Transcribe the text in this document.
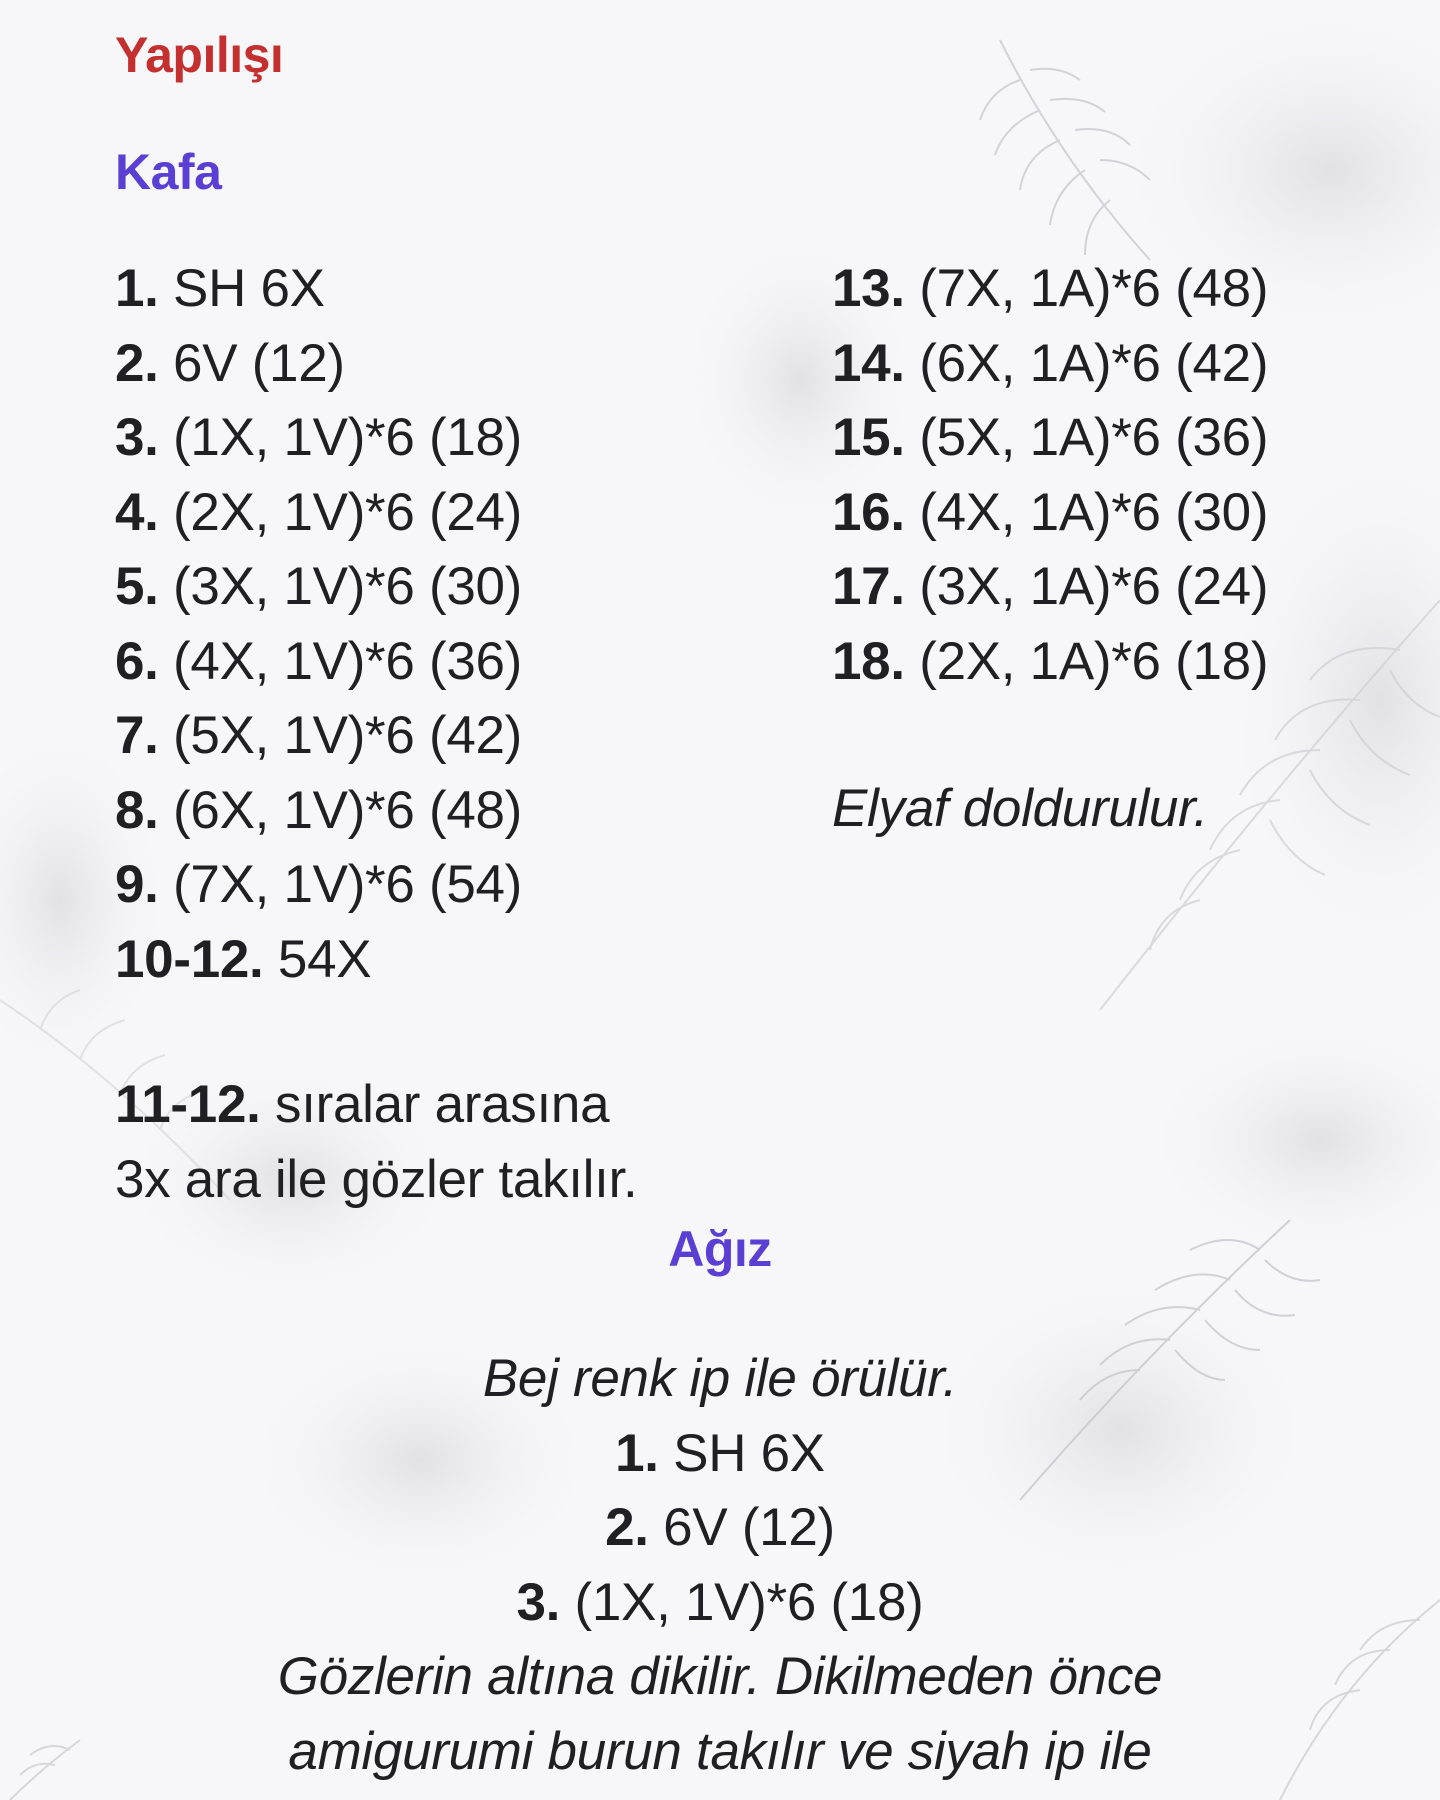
Yapılışı
Kafa
1. SH 6X
2. 6V (12)
3. (1X, 1V)*6 (18)
4. (2X, 1V)*6 (24)
5. (3X, 1V)*6 (30)
6. (4X, 1V)*6 (36)
7. (5X, 1V)*6 (42)
8. (6X, 1V)*6 (48)
9. (7X, 1V)*6 (54)
10-12. 54X

11-12. sıralar arasına
3x ara ile gözler takılır.

13. (7X, 1A)*6 (48)
14. (6X, 1A)*6 (42)
15. (5X, 1A)*6 (36)
16. (4X, 1A)*6 (30)
17. (3X, 1A)*6 (24)
18. (2X, 1A)*6 (18)

Elyaf doldurulur.

Ağız

Bej renk ip ile örülür.

1. SH 6X

2. 6V (12)

3. (1X, 1V)*6 (18)

Gözlerin altına dikilir. Dikilmeden önce

amigurumi burun takılır ve siyah ip ile
